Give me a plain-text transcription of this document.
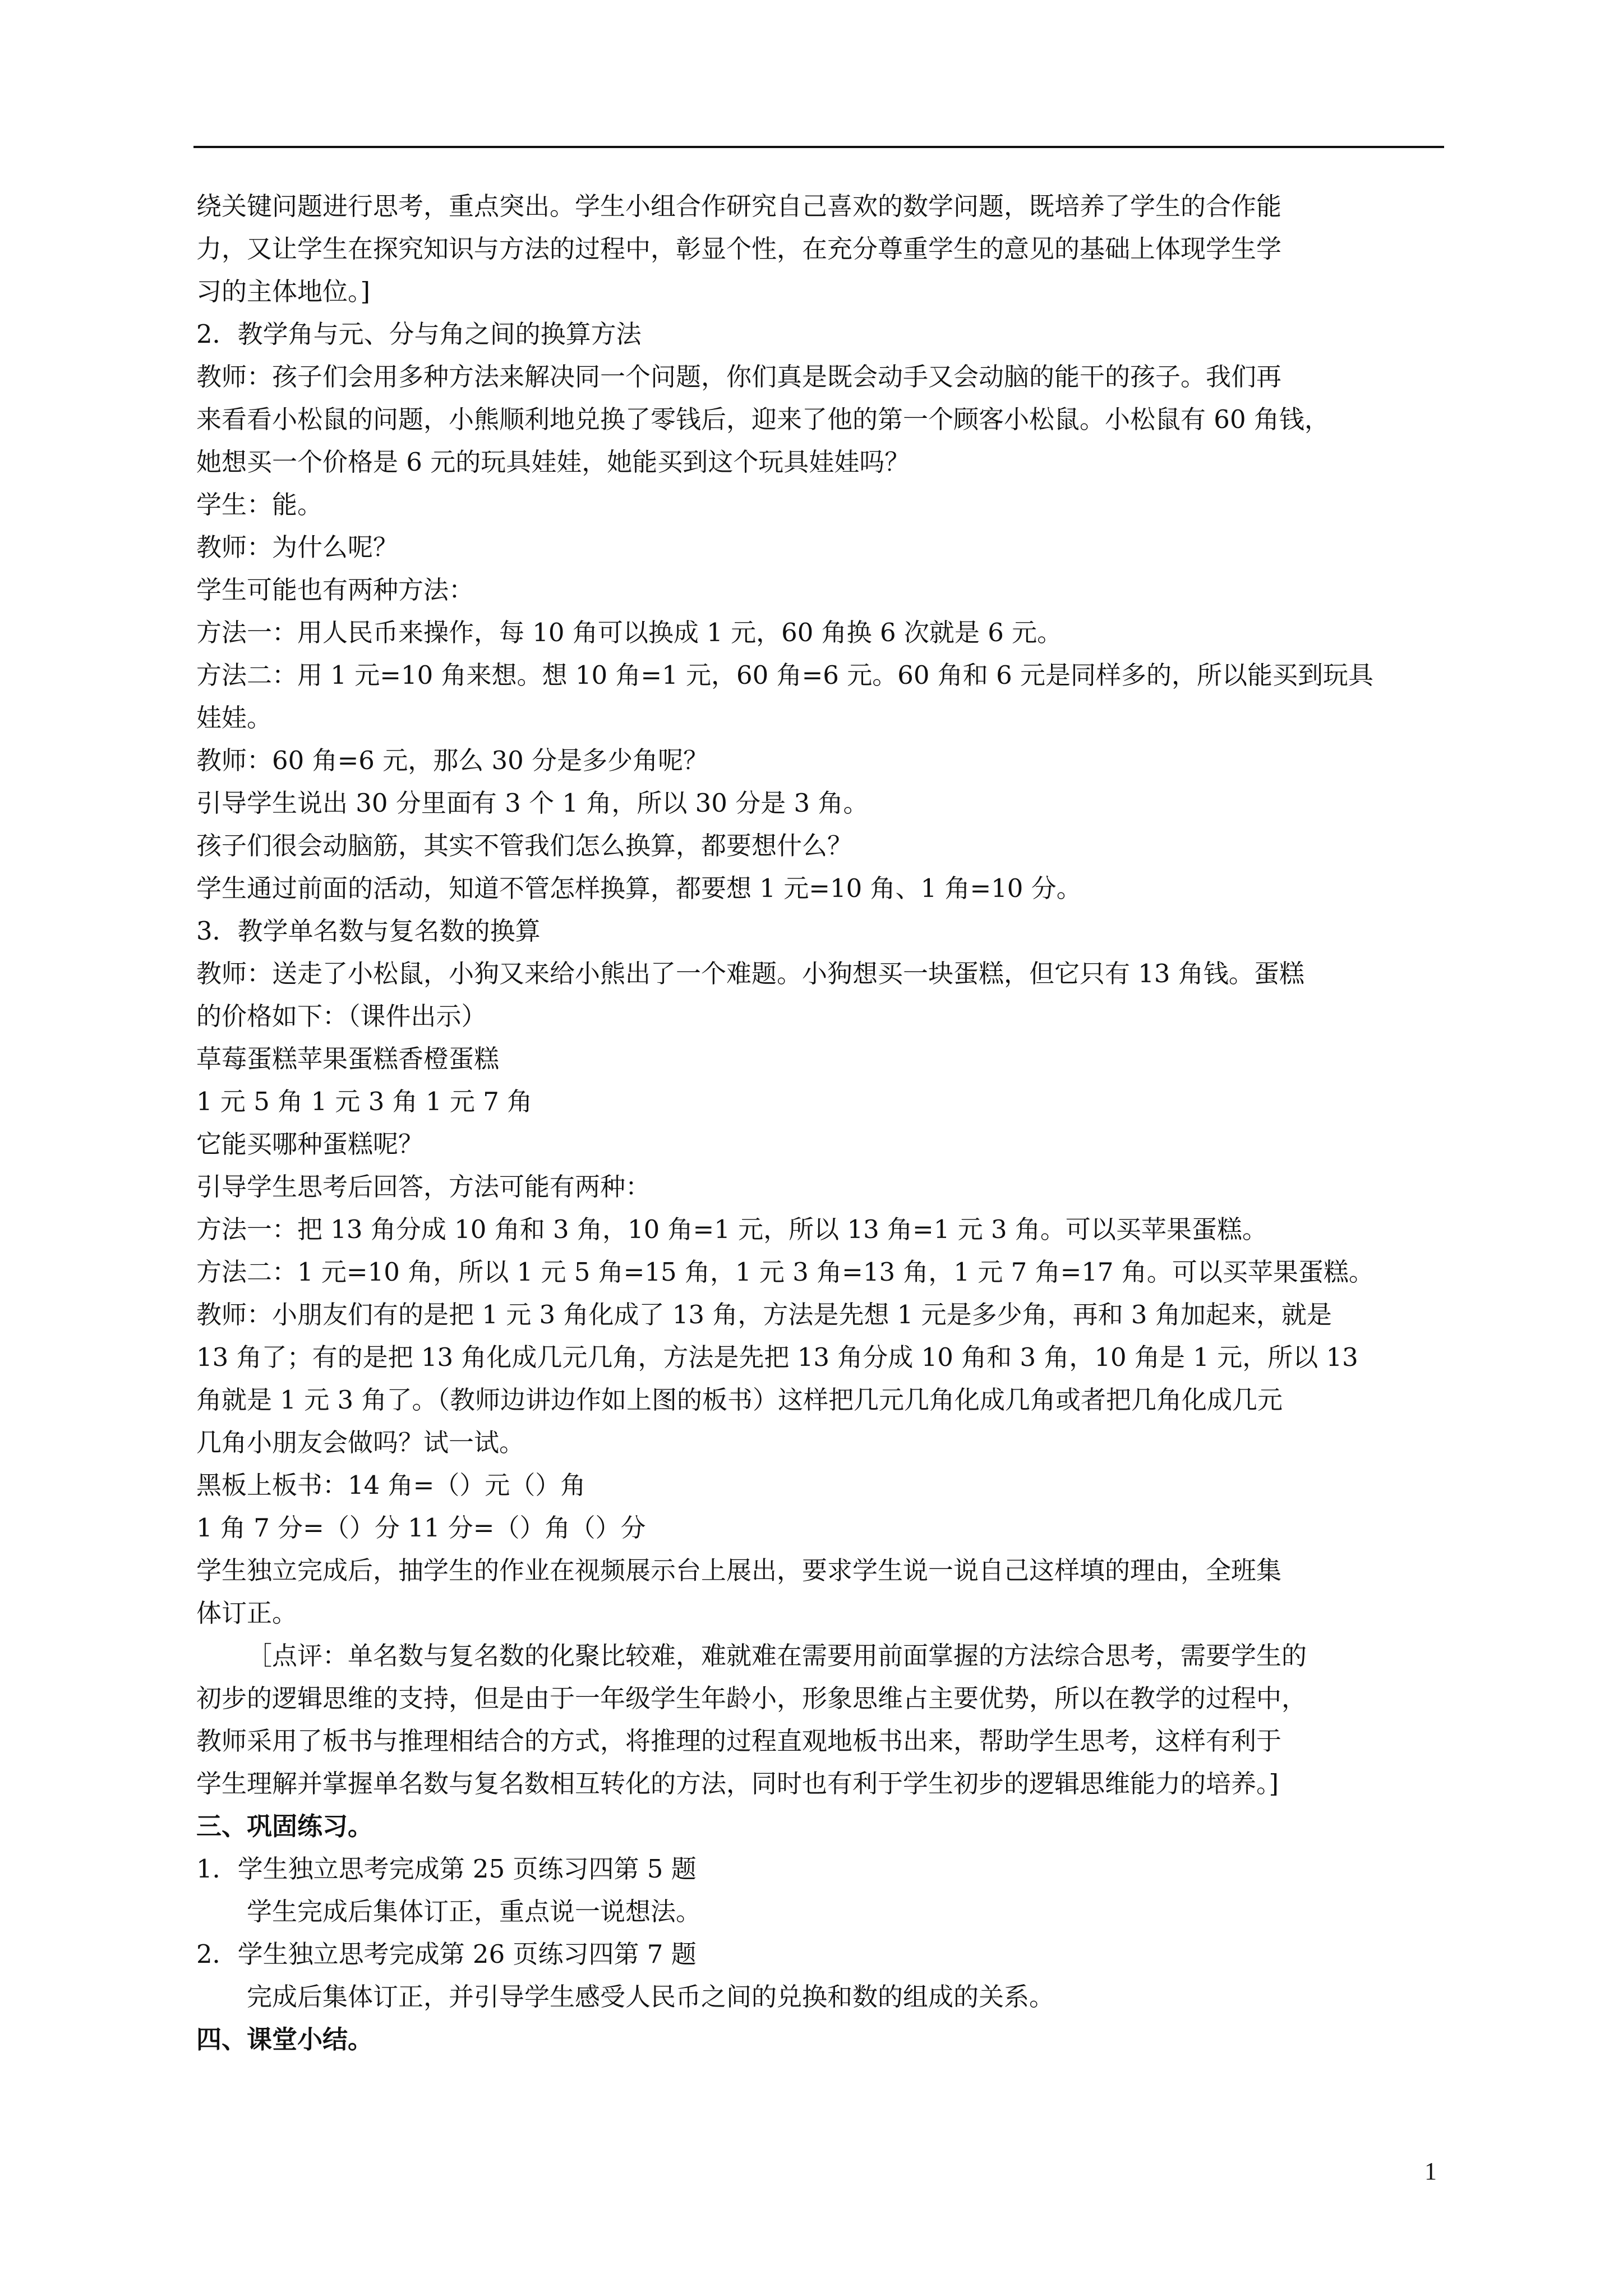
绕关键问题进行思考，重点突出。学生小组合作研究自己喜欢的数学问题，既培养了学生的合作能
力，又让学生在探究知识与方法的过程中，彰显个性，在充分尊重学生的意见的基础上体现学生学
习的主体地位。]
2．教学角与元、分与角之间的换算方法
教师：孩子们会用多种方法来解决同一个问题，你们真是既会动手又会动脑的能干的孩子。我们再
来看看小松鼠的问题，小熊顺利地兑换了零钱后，迎来了他的第一个顾客小松鼠。小松鼠有 60 角钱，
她想买一个价格是 6 元的玩具娃娃，她能买到这个玩具娃娃吗？
学生：能。
教师：为什么呢？
学生可能也有两种方法：
方法一：用人民币来操作，每 10 角可以换成 1 元，60 角换 6 次就是 6 元。
方法二：用 1 元=10 角来想。想 10 角=1 元，60 角=6 元。60 角和 6 元是同样多的，所以能买到玩具
娃娃。
教师：60 角=6 元，那么 30 分是多少角呢？
引导学生说出 30 分里面有 3 个 1 角，所以 30 分是 3 角。
孩子们很会动脑筋，其实不管我们怎么换算，都要想什么？
学生通过前面的活动，知道不管怎样换算，都要想 1 元=10 角、1 角=10 分。
3．教学单名数与复名数的换算
教师：送走了小松鼠，小狗又来给小熊出了一个难题。小狗想买一块蛋糕，但它只有 13 角钱。蛋糕
的价格如下：（课件出示）
草莓蛋糕苹果蛋糕香橙蛋糕
1 元 5 角 1 元 3 角 1 元 7 角
它能买哪种蛋糕呢？
引导学生思考后回答，方法可能有两种：
方法一：把 13 角分成 10 角和 3 角，10 角=1 元，所以 13 角=1 元 3 角。可以买苹果蛋糕。
方法二：1 元=10 角，所以 1 元 5 角=15 角，1 元 3 角=13 角，1 元 7 角=17 角。可以买苹果蛋糕。
教师：小朋友们有的是把 1 元 3 角化成了 13 角，方法是先想 1 元是多少角，再和 3 角加起来，就是
13 角了；有的是把 13 角化成几元几角，方法是先把 13 角分成 10 角和 3 角，10 角是 1 元，所以 13
角就是 1 元 3 角了。（教师边讲边作如上图的板书）这样把几元几角化成几角或者把几角化成几元
几角小朋友会做吗？试一试。
黑板上板书：14 角=（）元（）角
1 角 7 分=（）分 11 分=（）角（）分
学生独立完成后，抽学生的作业在视频展示台上展出，要求学生说一说自己这样填的理由，全班集
体订正。
［点评：单名数与复名数的化聚比较难，难就难在需要用前面掌握的方法综合思考，需要学生的
初步的逻辑思维的支持，但是由于一年级学生年龄小，形象思维占主要优势，所以在教学的过程中，
教师采用了板书与推理相结合的方式，将推理的过程直观地板书出来，帮助学生思考，这样有利于
学生理解并掌握单名数与复名数相互转化的方法，同时也有利于学生初步的逻辑思维能力的培养。]
三、巩固练习。
1．学生独立思考完成第 25 页练习四第 5 题
学生完成后集体订正，重点说一说想法。
2．学生独立思考完成第 26 页练习四第 7 题
完成后集体订正，并引导学生感受人民币之间的兑换和数的组成的关系。
四、课堂小结。
1
